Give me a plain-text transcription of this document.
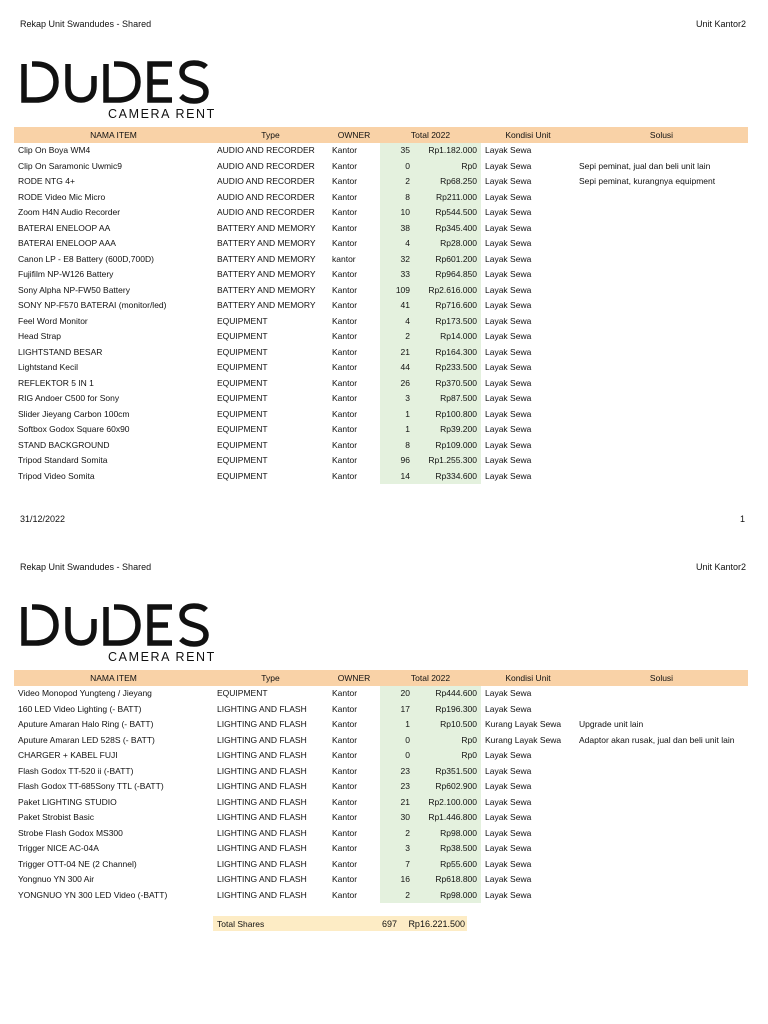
Rekap Unit Swandudes - Shared	Unit Kantor2
CAMERA RENT
NAMA ITEM	Type	OWNER	Total 2022		Kondisi Unit	Solusi
Clip On Boya WM4	AUDIO AND RECORDER	Kantor	35	Rp1.182.000	Layak Sewa	
Clip On Saramonic Uwmic9	AUDIO AND RECORDER	Kantor	0	Rp0	Layak Sewa	Sepi peminat, jual dan beli unit lain
RODE NTG 4+	AUDIO AND RECORDER	Kantor	2	Rp68.250	Layak Sewa	Sepi peminat, kurangnya equipment
RODE Video Mic Micro	AUDIO AND RECORDER	Kantor	8	Rp211.000	Layak Sewa	
Zoom H4N Audio Recorder	AUDIO AND RECORDER	Kantor	10	Rp544.500	Layak Sewa	
BATERAI ENELOOP AA	BATTERY AND MEMORY	Kantor	38	Rp345.400	Layak Sewa	
BATERAI ENELOOP AAA	BATTERY AND MEMORY	Kantor	4	Rp28.000	Layak Sewa	
Canon LP - E8 Battery (600D,700D)	BATTERY AND MEMORY	kantor	32	Rp601.200	Layak Sewa	
Fujifilm NP-W126 Battery	BATTERY AND MEMORY	Kantor	33	Rp964.850	Layak Sewa	
Sony Alpha NP-FW50 Battery	BATTERY AND MEMORY	Kantor	109	Rp2.616.000	Layak Sewa	
SONY NP-F570 BATERAI (monitor/led)	BATTERY AND MEMORY	Kantor	41	Rp716.600	Layak Sewa	
Feel Word Monitor	EQUIPMENT	Kantor	4	Rp173.500	Layak Sewa	
Head Strap	EQUIPMENT	Kantor	2	Rp14.000	Layak Sewa	
LIGHTSTAND BESAR	EQUIPMENT	Kantor	21	Rp164.300	Layak Sewa	
Lightstand Kecil	EQUIPMENT	Kantor	44	Rp233.500	Layak Sewa	
REFLEKTOR 5 IN 1	EQUIPMENT	Kantor	26	Rp370.500	Layak Sewa	
RIG Andoer C500 for Sony	EQUIPMENT	Kantor	3	Rp87.500	Layak Sewa	
Slider Jieyang Carbon 100cm	EQUIPMENT	Kantor	1	Rp100.800	Layak Sewa	
Softbox Godox Square 60x90	EQUIPMENT	Kantor	1	Rp39.200	Layak Sewa	
STAND BACKGROUND	EQUIPMENT	Kantor	8	Rp109.000	Layak Sewa	
Tripod Standard Somita	EQUIPMENT	Kantor	96	Rp1.255.300	Layak Sewa	
Tripod Video Somita	EQUIPMENT	Kantor	14	Rp334.600	Layak Sewa	
31/12/2022	1
Rekap Unit Swandudes - Shared	Unit Kantor2
CAMERA RENT
NAMA ITEM	Type	OWNER	Total 2022		Kondisi Unit	Solusi
Video Monopod Yungteng / Jieyang	EQUIPMENT	Kantor	20	Rp444.600	Layak Sewa	
160 LED Video Lighting (- BATT)	LIGHTING AND FLASH	Kantor	17	Rp196.300	Layak Sewa	
Aputure Amaran Halo Ring (- BATT)	LIGHTING AND FLASH	Kantor	1	Rp10.500	Kurang Layak Sewa	Upgrade unit lain
Aputure Amaran LED 528S (- BATT)	LIGHTING AND FLASH	Kantor	0	Rp0	Kurang Layak Sewa	Adaptor akan rusak, jual dan beli unit lain
CHARGER + KABEL FUJI	LIGHTING AND FLASH	Kantor	0	Rp0	Layak Sewa	
Flash Godox TT-520 ii (-BATT)	LIGHTING AND FLASH	Kantor	23	Rp351.500	Layak Sewa	
Flash Godox TT-685Sony TTL (-BATT)	LIGHTING AND FLASH	Kantor	23	Rp602.900	Layak Sewa	
Paket LIGHTING STUDIO	LIGHTING AND FLASH	Kantor	21	Rp2.100.000	Layak Sewa	
Paket Strobist Basic	LIGHTING AND FLASH	Kantor	30	Rp1.446.800	Layak Sewa	
Strobe Flash Godox MS300	LIGHTING AND FLASH	Kantor	2	Rp98.000	Layak Sewa	
Trigger NICE AC-04A	LIGHTING AND FLASH	Kantor	3	Rp38.500	Layak Sewa	
Trigger OTT-04 NE (2 Channel)	LIGHTING AND FLASH	Kantor	7	Rp55.600	Layak Sewa	
Yongnuo YN 300 Air	LIGHTING AND FLASH	Kantor	16	Rp618.800	Layak Sewa	
YONGNUO YN 300 LED Video (-BATT)	LIGHTING AND FLASH	Kantor	2	Rp98.000	Layak Sewa	
Total Shares	697	Rp16.221.500
